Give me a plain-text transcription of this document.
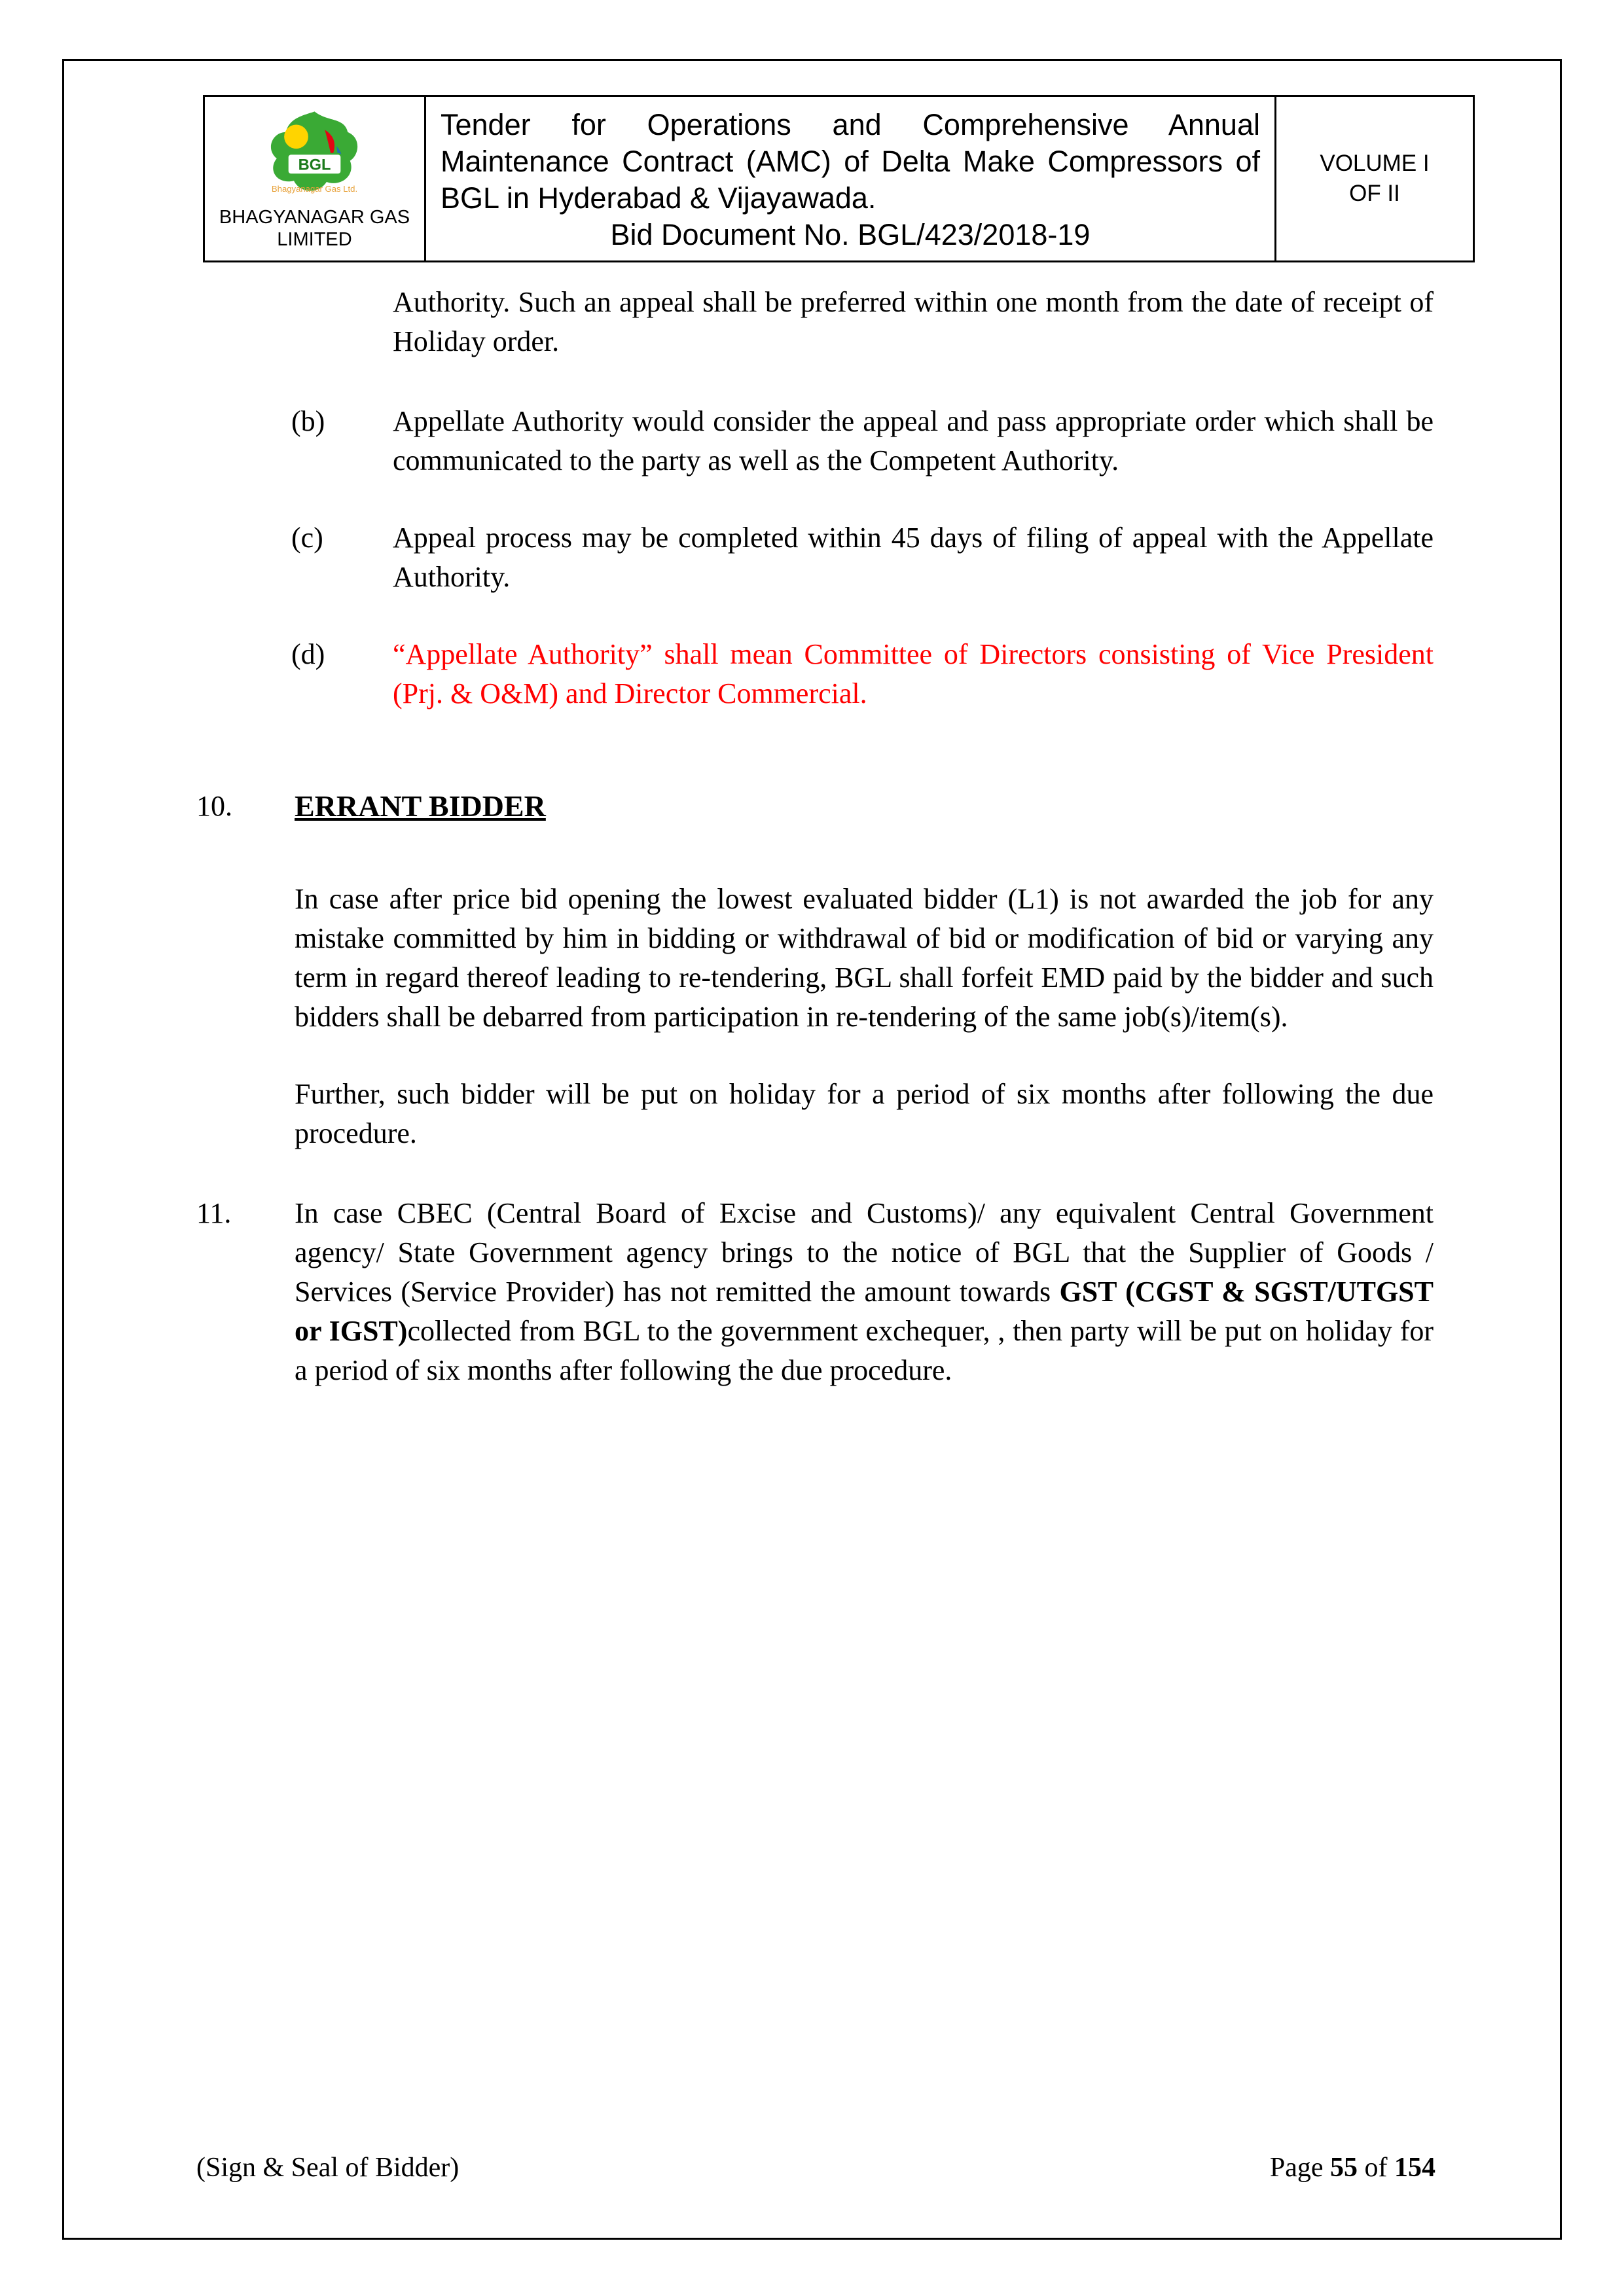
BGL
Bhagyanagar Gas Ltd.
BHAGYANAGAR GAS
LIMITED
Tender for Operations and Comprehensive Annual Maintenance Contract (AMC) of Delta Make Compressors of BGL in Hyderabad & Vijayawada.
Bid Document No. BGL/423/2018-19
VOLUME I
OF II
Authority. Such an appeal shall be preferred within one month from the date of receipt of Holiday order.
(b)	Appellate Authority would consider the appeal and pass appropriate order which shall be communicated to the party as well as the Competent Authority.
(c)	Appeal process may be completed within 45 days of filing of appeal with the Appellate Authority.
(d)	“Appellate Authority” shall mean Committee of Directors consisting of Vice President (Prj. & O&M) and Director Commercial.
10.	ERRANT BIDDER
In case after price bid opening the lowest evaluated bidder (L1) is not awarded the job for any mistake committed by him in bidding or withdrawal of bid or modification of bid or varying any term in regard thereof leading to re-tendering, BGL shall forfeit EMD paid by the bidder and such bidders shall be debarred from participation in re-tendering of the same job(s)/item(s).
Further, such bidder will be put on holiday for a period of six months after following the due procedure.
11.	In case CBEC (Central Board of Excise and Customs)/ any equivalent Central Government agency/ State Government agency brings to the notice of BGL that the Supplier of Goods / Services (Service Provider) has not remitted the amount towards GST (CGST & SGST/UTGST or IGST)collected from BGL to the government exchequer, , then party will be put on holiday for a period of six months after following the due procedure.
(Sign & Seal of Bidder)	Page 55 of 154
